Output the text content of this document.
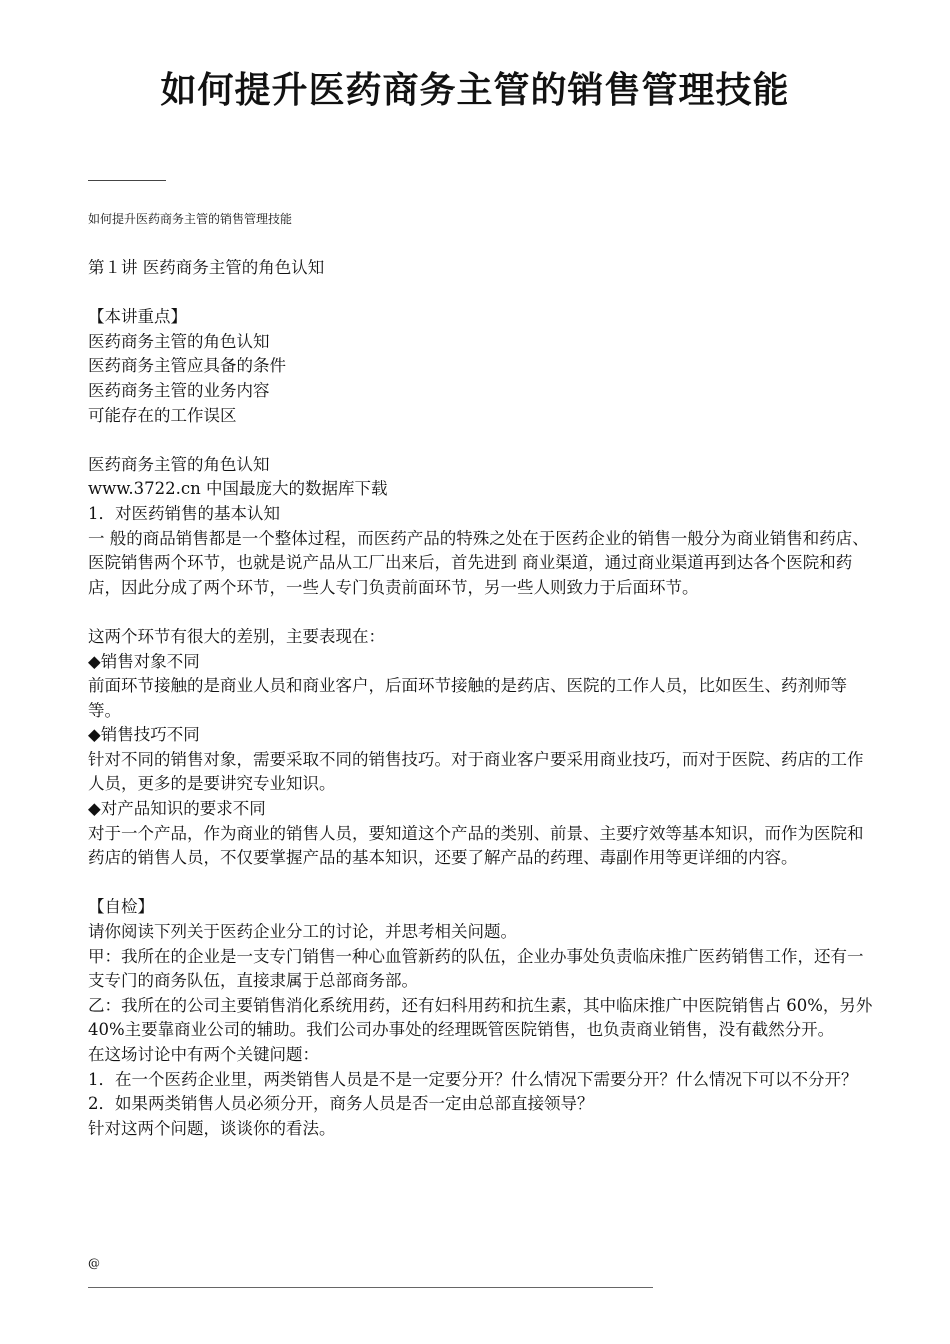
如何提升医药商务主管的销售管理技能
如何提升医药商务主管的销售管理技能

第１讲 医药商务主管的角色认知

【本讲重点】

医药商务主管的角色认知

医药商务主管应具备的条件

医药商务主管的业务内容

可能存在的工作误区

医药商务主管的角色认知

www.3722.cn 中国最庞大的数据库下载

1．对医药销售的基本认知

一 般的商品销售都是一个整体过程，而医药产品的特殊之处在于医药企业的销售一般分为商业销售和药店、医院销售两个环节，也就是说产品从工厂出来后，首先进到 商业渠道，通过商业渠道再到达各个医院和药店，因此分成了两个环节，一些人专门负责前面环节，另一些人则致力于后面环节。

这两个环节有很大的差别，主要表现在：

◆销售对象不同

前面环节接触的是商业人员和商业客户，后面环节接触的是药店、医院的工作人员，比如医生、药剂师等等。

◆销售技巧不同

针对不同的销售对象，需要采取不同的销售技巧。对于商业客户要采用商业技巧，而对于医院、药店的工作人员，更多的是要讲究专业知识。

◆对产品知识的要求不同

对于一个产品，作为商业的销售人员，要知道这个产品的类别、前景、主要疗效等基本知识，而作为医院和药店的销售人员，不仅要掌握产品的基本知识，还要了解产品的药理、毒副作用等更详细的内容。

【自检】

请你阅读下列关于医药企业分工的讨论，并思考相关问题。

甲：我所在的企业是一支专门销售一种心血管新药的队伍，企业办事处负责临床推广医药销售工作，还有一支专门的商务队伍，直接隶属于总部商务部。

乙：我所在的公司主要销售消化系统用药，还有妇科用药和抗生素，其中临床推广中医院销售占 60%，另外 40%主要靠商业公司的辅助。我们公司办事处的经理既管医院销售，也负责商业销售，没有截然分开。

在这场讨论中有两个关键问题：

1．在一个医药企业里，两类销售人员是不是一定要分开？什么情况下需要分开？什么情况下可以不分开？

2．如果两类销售人员必须分开，商务人员是否一定由总部直接领导？

针对这两个问题，谈谈你的看法。

@
